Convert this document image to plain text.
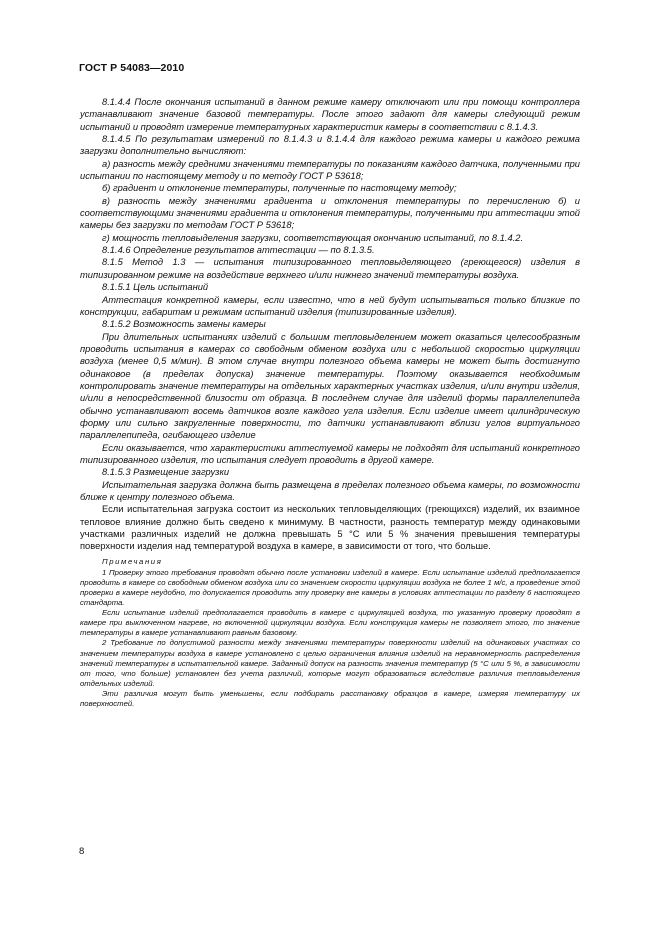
ГОСТ Р 54083—2010

8.1.4.4 После окончания испытаний в данном режиме камеру отключают или при помощи контроллера устанавливают значение базовой температуры. После этого задают для камеры следующий режим испытаний и проводят измерение температурных характеристик камеры в соответствии с 8.1.4.3.

8.1.4.5 По результатам измерений по 8.1.4.3 и 8.1.4.4 для каждого режима камеры и каждого режима загрузки дополнительно вычисляют:

а) разность между средними значениями температуры по показаниям каждого датчика, полученными при испытании по настоящему методу и по методу ГОСТ Р 53618;

б) градиент и отклонение температуры, полученные по настоящему методу;

в) разность между значениями градиента и отклонения температуры по перечислению б) и соответствующими значениями градиента и отклонения температуры, полученными при аттестации этой камеры без загрузки по методам ГОСТ Р 53618;

г) мощность тепловыделения загрузки, соответствующая окончанию испытаний, по 8.1.4.2.

8.1.4.6 Определение результатов аттестации — по 8.1.3.5.

8.1.5 Метод 1.3 — испытания типизированного тепловыделяющего (греющегося) изделия в типизированном режиме на воздействие верхнего и/или нижнего значений температуры воздуха.

8.1.5.1 Цель испытаний

Аттестация конкретной камеры, если известно, что в ней будут испытываться только близкие по конструкции, габаритам и режимам испытаний изделия (типизированные изделия).

8.1.5.2 Возможность замены камеры

При длительных испытаниях изделий с большим тепловыделением может оказаться целесообразным проводить испытания в камерах со свободным обменом воздуха или с небольшой скоростью циркуляции воздуха (менее 0,5 м/мин). В этом случае внутри полезного объема камеры не может быть достигнуто одинаковое (в пределах допуска) значение температуры. Поэтому оказывается необходимым контролировать значение температуры на отдельных характерных участках изделия, и/или внутри изделия, и/или в непосредственной близости от образца. В последнем случае для изделий формы параллелепипеда обычно устанавливают восемь датчиков возле каждого угла изделия. Если изделие имеет цилиндрическую форму или сильно закругленные поверхности, то датчики устанавливают вблизи углов виртуального параллелепипеда, огибающего изделие

Если оказывается, что характеристики аттестуемой камеры не подходят для испытаний конкретного типизированного изделия, то испытания следует проводить в другой камере.

8.1.5.3 Размещение загрузки

Испытательная загрузка должна быть размещена в пределах полезного объема камеры, по возможности ближе к центру полезного объема.

Если испытательная загрузка состоит из нескольких тепловыделяющих (греющихся) изделий, их взаимное тепловое влияние должно быть сведено к минимуму. В частности, разность температур между одинаковыми участками различных изделий не должна превышать 5 °С или 5 % значения превышения температуры поверхности изделия над температурой воздуха в камере, в зависимости от того, что больше.

Примечания

1 Проверку этого требования проводят обычно после установки изделий в камере. Если испытание изделий предполагается проводить в камере со свободным обменом воздуха или со значением скорости циркуляции воздуха не более 1 м/с, а проведение этой проверки в камере неудобно, то допускается проводить эту проверку вне камеры в условиях аттестации по разделу 6 настоящего стандарта.

Если испытание изделий предполагается проводить в камере с циркуляцией воздуха, то указанную проверку проводят в камере при выключенном нагреве, но включенной циркуляции воздуха. Если конструкция камеры не позволяет этого, то значение температуры в камере устанавливают равным базовому.

2 Требование по допустимой разности между значениями температуры поверхности изделий на одинаковых участках со значением температуры воздуха в камере установлено с целью ограничения влияния изделий на неравномерность распределения значений температуры в испытательной камере. Заданный допуск на разность значения температур (5 °С или 5 %, в зависимости от того, что больше) установлен без учета различий, которые могут образоваться вследствие различия тепловыделения отдельных изделий.

Эти различия могут быть уменьшены, если подбирать расстановку образцов в камере, измеряя температуру их поверхностей.

8
